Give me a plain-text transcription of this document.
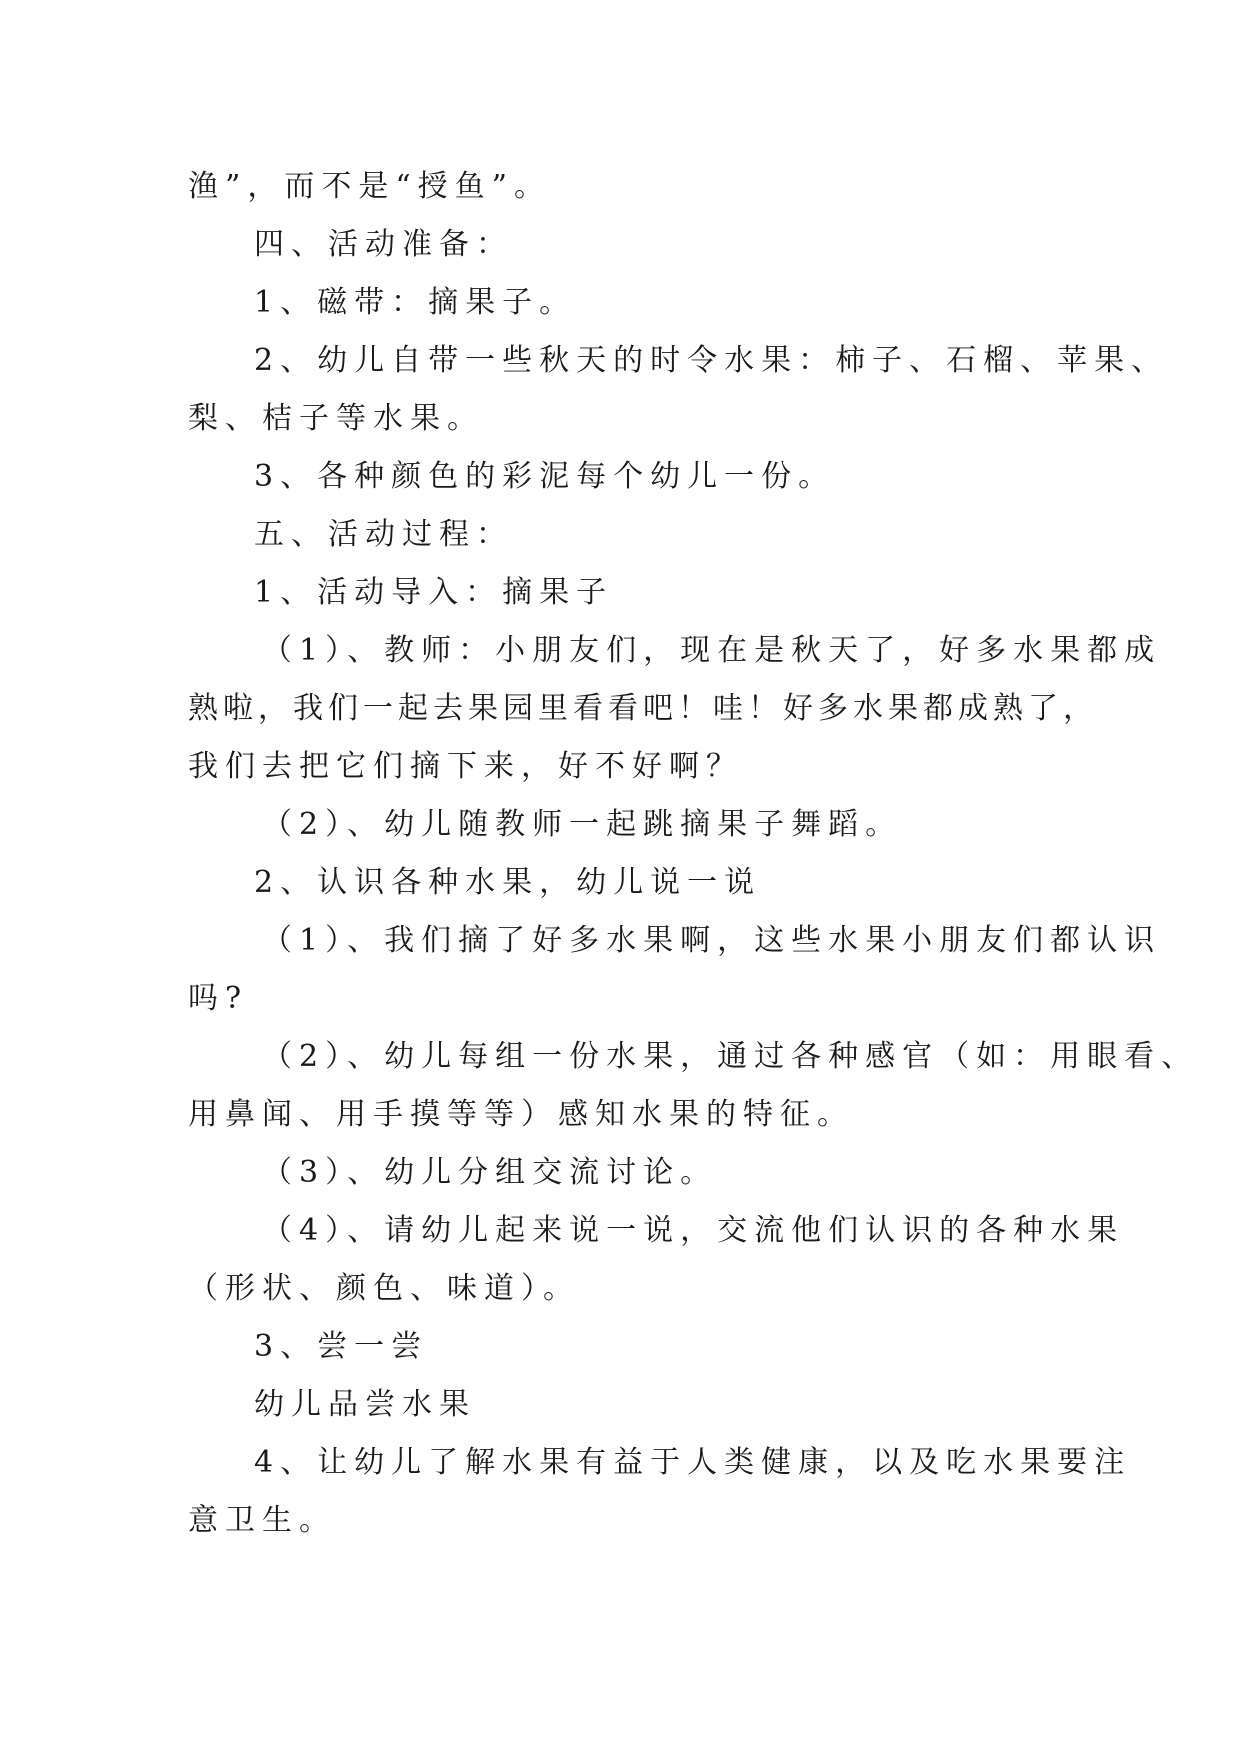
渔”，而不是“授鱼”。
四、活动准备：
1、磁带：摘果子。
2、幼儿自带一些秋天的时令水果：柿子、石榴、苹果、
梨、桔子等水果。
3、各种颜色的彩泥每个幼儿一份。
五、活动过程：
1、活动导入：摘果子
（1）、教师：小朋友们，现在是秋天了，好多水果都成
熟啦，我们一起去果园里看看吧！哇！好多水果都成熟了，
我们去把它们摘下来，好不好啊？
（2）、幼儿随教师一起跳摘果子舞蹈。
2、认识各种水果，幼儿说一说
（1）、我们摘了好多水果啊，这些水果小朋友们都认识
吗?
（2）、幼儿每组一份水果，通过各种感官（如：用眼看、
用鼻闻、用手摸等等）感知水果的特征。
（3）、幼儿分组交流讨论。
（4）、请幼儿起来说一说，交流他们认识的各种水果
（形状、颜色、味道）。
3、尝一尝
幼儿品尝水果
4、让幼儿了解水果有益于人类健康，以及吃水果要注
意卫生。
